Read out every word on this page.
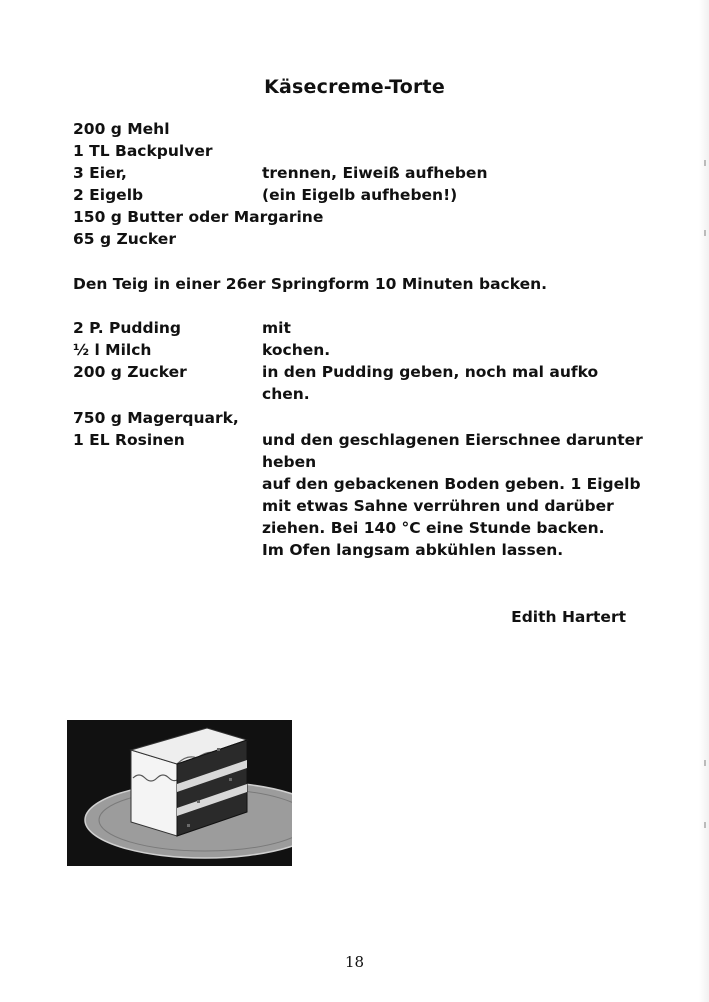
Käsecreme-Torte
200 g Mehl
1 TL Backpulver
3 Eier,	trennen, Eiweiß aufheben
2 Eigelb	(ein Eigelb aufheben!)
150 g Butter oder Margarine
65 g Zucker
Den Teig in einer 26er Springform 10 Minuten backen.
2 P. Pudding	mit
½ l Milch	kochen.
200 g Zucker	in den Pudding geben, noch mal aufko
chen.
750 g Magerquark,
1 EL Rosinen	und den geschlagenen Eierschnee darunter
heben
auf den gebackenen Boden geben. 1 Eigelb
mit etwas Sahne verrühren und darüber
ziehen. Bei 140 °C eine Stunde backen.
Im Ofen langsam abkühlen lassen.
Edith Hartert
18
